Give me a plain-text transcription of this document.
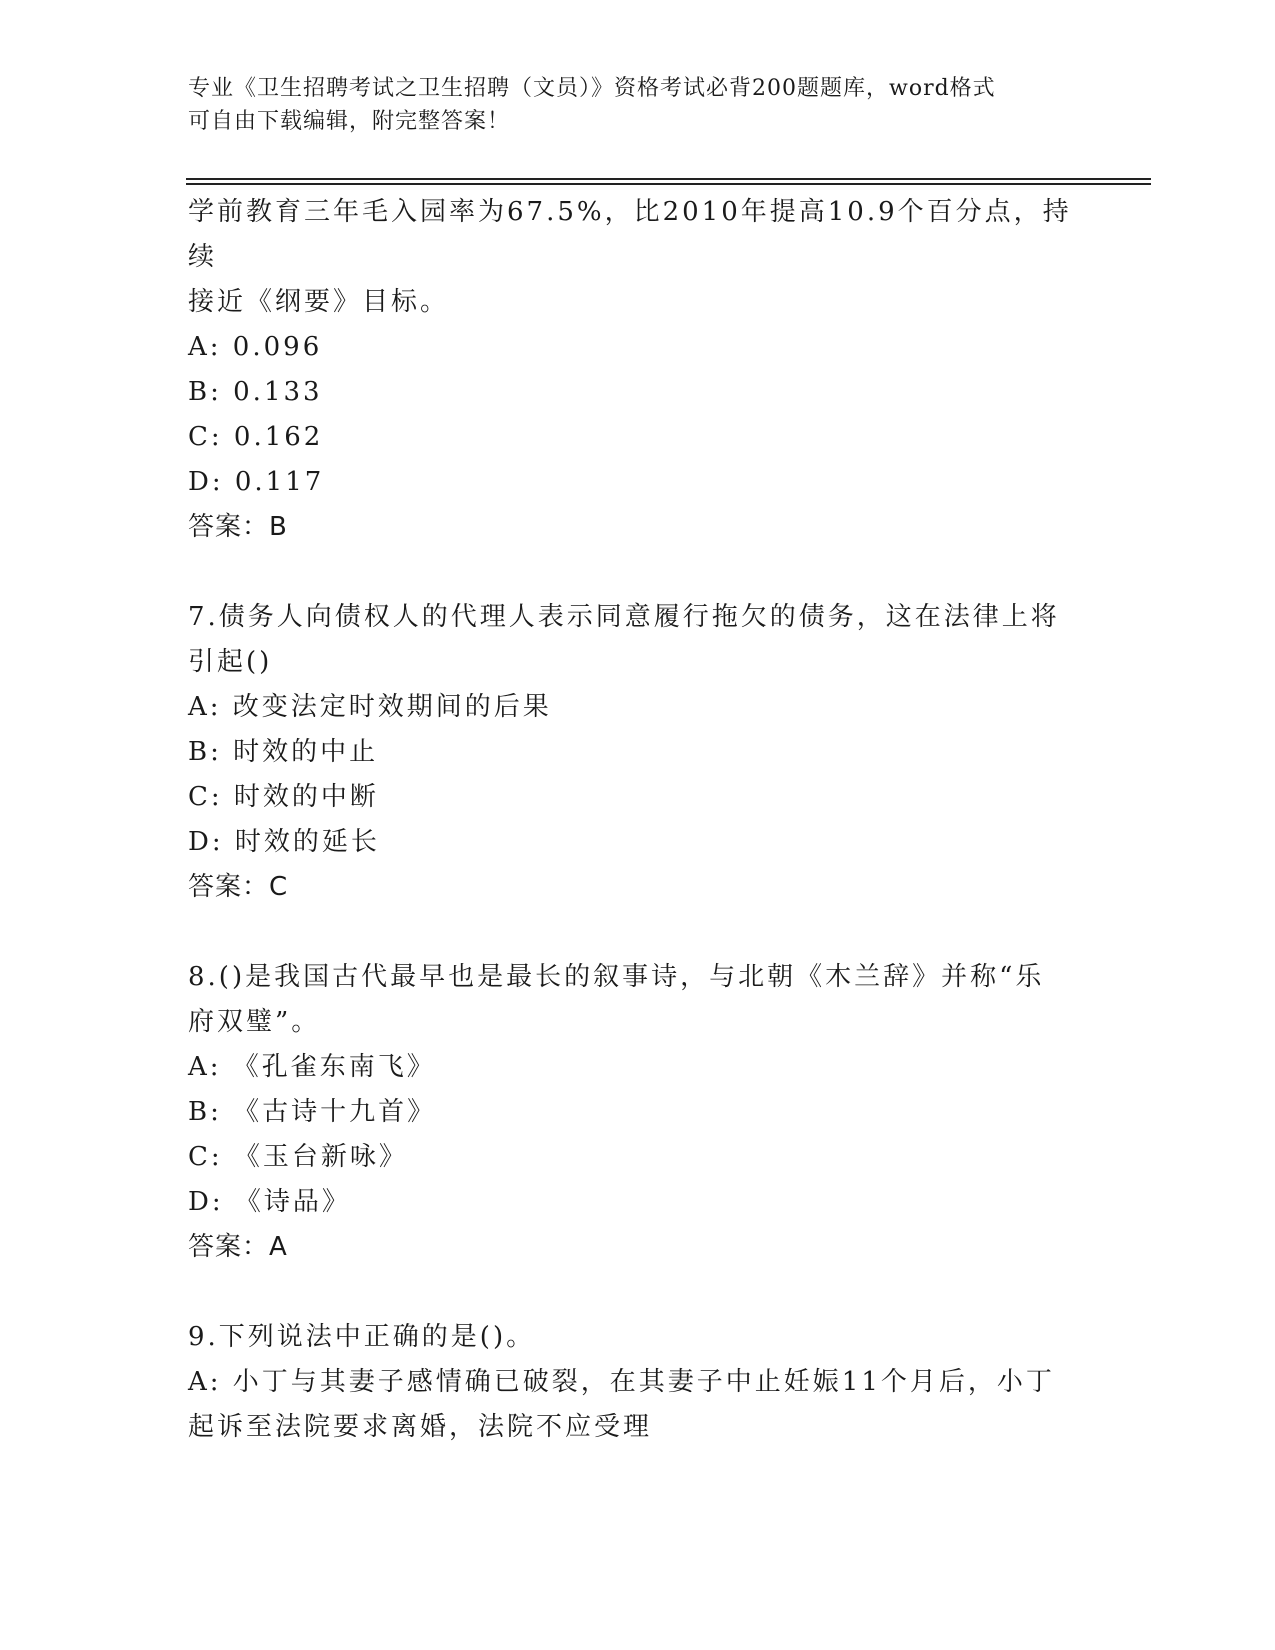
专业《卫生招聘考试之卫生招聘（文员）》资格考试必背200题题库，word格式
可自由下载编辑，附完整答案！

学前教育三年毛入园率为67.5%，比2010年提高10.9个百分点，持续

接近《纲要》目标。

A: 0.096

B: 0.133

C: 0.162

D: 0.117

答案：B

7.债务人向债权人的代理人表示同意履行拖欠的债务，这在法律上将

引起()

A: 改变法定时效期间的后果

B: 时效的中止

C: 时效的中断

D: 时效的延长

答案：C

8.()是我国古代最早也是最长的叙事诗，与北朝《木兰辞》并称“乐

府双璧”。

A: 《孔雀东南飞》

B: 《古诗十九首》

C: 《玉台新咏》

D: 《诗品》

答案：A

9.下列说法中正确的是()。

A: 小丁与其妻子感情确已破裂，在其妻子中止妊娠11个月后，小丁

起诉至法院要求离婚，法院不应受理
